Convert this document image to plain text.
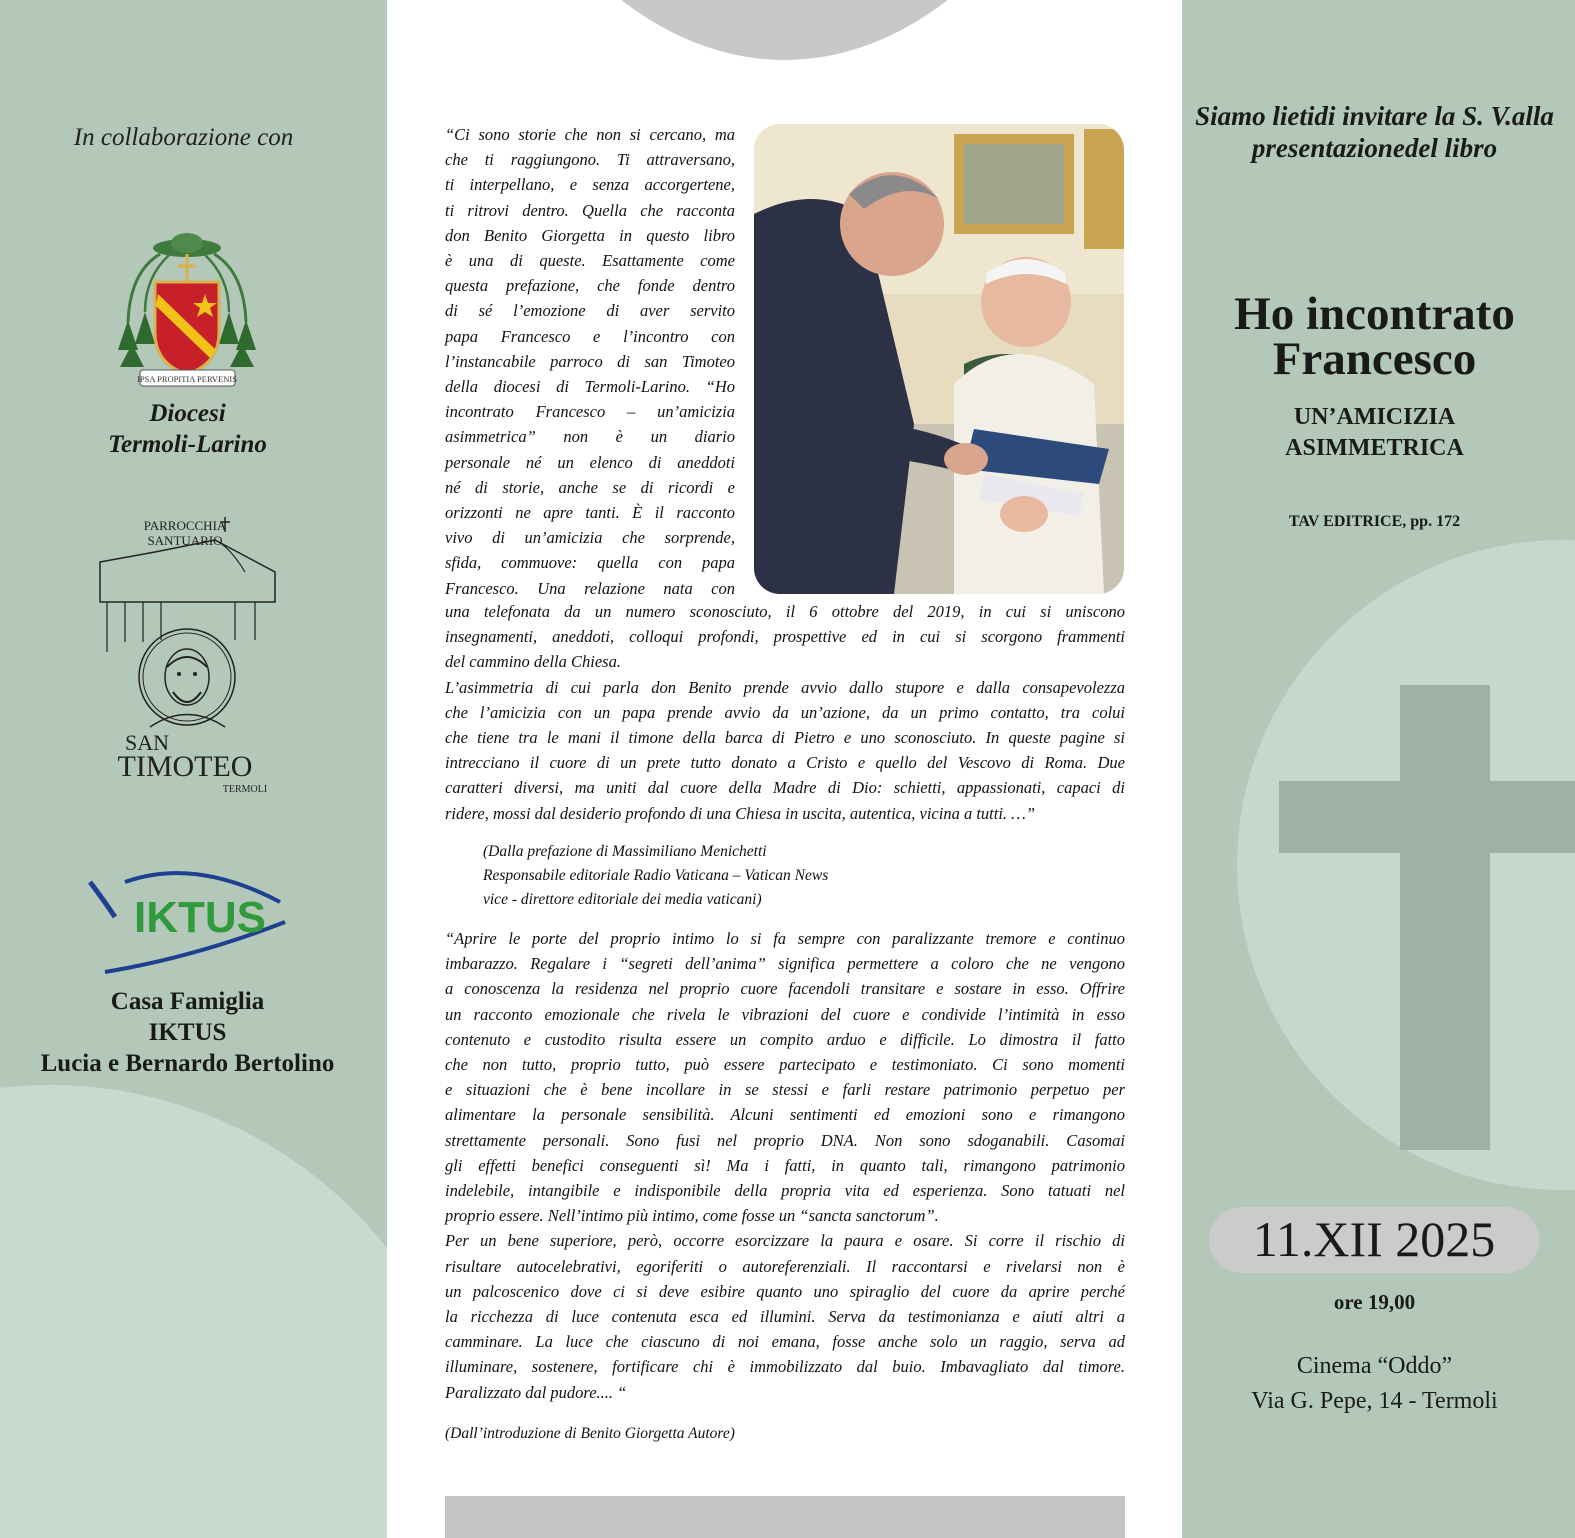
In collaborazione con
IPSA PROPITIA PERVENIS
Diocesi
Termoli-Larino
PARROCCHIA
SANTUARIO
SAN
TIMOTEO
TERMOLI
IKTUS
Casa Famiglia
IKTUS
Lucia e Bernardo Bertolino
“Ci sono storie che non si cercano, ma
che ti raggiungono. Ti attraversano,
ti interpellano, e senza accorgertene,
ti ritrovi dentro. Quella che racconta
don Benito Giorgetta in questo libro
è una di queste. Esattamente come
questa prefazione, che fonde dentro
di sé l’emozione di aver servito
papa Francesco e l’incontro con
l’instancabile parroco di san Timoteo
della diocesi di Termoli-Larino. “Ho
incontrato Francesco – un’amicizia
asimmetrica” non è un diario
personale né un elenco di aneddoti
né di storie, anche se di ricordi e
orizzonti ne apre tanti. È il racconto
vivo di un’amicizia che sorprende,
sfida, commuove: quella con papa
Francesco. Una relazione nata con
una telefonata da un numero sconosciuto, il 6 ottobre del 2019, in cui si uniscono
insegnamenti, aneddoti, colloqui profondi, prospettive ed in cui si scorgono frammenti
del cammino della Chiesa.
L’asimmetria di cui parla don Benito prende avvio dallo stupore e dalla consapevolezza
che l’amicizia con un papa prende avvio da un’azione, da un primo contatto, tra colui
che tiene tra le mani il timone della barca di Pietro e uno sconosciuto. In queste pagine si
intrecciano il cuore di un prete tutto donato a Cristo e quello del Vescovo di Roma. Due
caratteri diversi, ma uniti dal cuore della Madre di Dio: schietti, appassionati, capaci di
ridere, mossi dal desiderio profondo di una Chiesa in uscita, autentica, vicina a tutti. …”
(Dalla prefazione di Massimiliano Menichetti
Responsabile editoriale Radio Vaticana – Vatican News
vice - direttore editoriale dei media vaticani)
“Aprire le porte del proprio intimo lo si fa sempre con paralizzante tremore e continuo
imbarazzo. Regalare i “segreti dell’anima” significa permettere a coloro che ne vengono
a conoscenza la residenza nel proprio cuore facendoli transitare e sostare in esso. Offrire
un racconto emozionale che rivela le vibrazioni del cuore e condivide l’intimità in esso
contenuto e custodito risulta essere un compito arduo e difficile. Lo dimostra il fatto
che non tutto, proprio tutto, può essere partecipato e testimoniato. Ci sono momenti
e situazioni che è bene incollare in se stessi e farli restare patrimonio perpetuo per
alimentare la personale sensibilità. Alcuni sentimenti ed emozioni sono e rimangono
strettamente personali. Sono fusi nel proprio DNA. Non sono sdoganabili. Casomai
gli effetti benefici conseguenti sì! Ma i fatti, in quanto tali, rimangono patrimonio
indelebile, intangibile e indisponibile della propria vita ed esperienza. Sono tatuati nel
proprio essere. Nell’intimo più intimo, come fosse un “sancta sanctorum”.
Per un bene superiore, però, occorre esorcizzare la paura e osare. Si corre il rischio di
risultare autocelebrativi, egoriferiti o autoreferenziali. Il raccontarsi e rivelarsi non è
un palcoscenico dove ci si deve esibire quanto uno spiraglio del cuore da aprire perché
la ricchezza di luce contenuta esca ed illumini. Serva da testimonianza e aiuti altri a
camminare. La luce che ciascuno di noi emana, fosse anche solo un raggio, serva ad
illuminare, sostenere, fortificare chi è immobilizzato dal buio. Imbavagliato dal timore.
Paralizzato dal pudore.... “
(Dall’introduzione di Benito Giorgetta Autore)
Siamo lietidi invitare la S. V.alla presentazionedel libro
Ho incontrato
Francesco
UN’AMICIZIA
ASIMMETRICA
TAV EDITRICE, pp. 172
11.XII 2025
ore 19,00
Cinema “Oddo”
Via G. Pepe, 14 - Termoli
